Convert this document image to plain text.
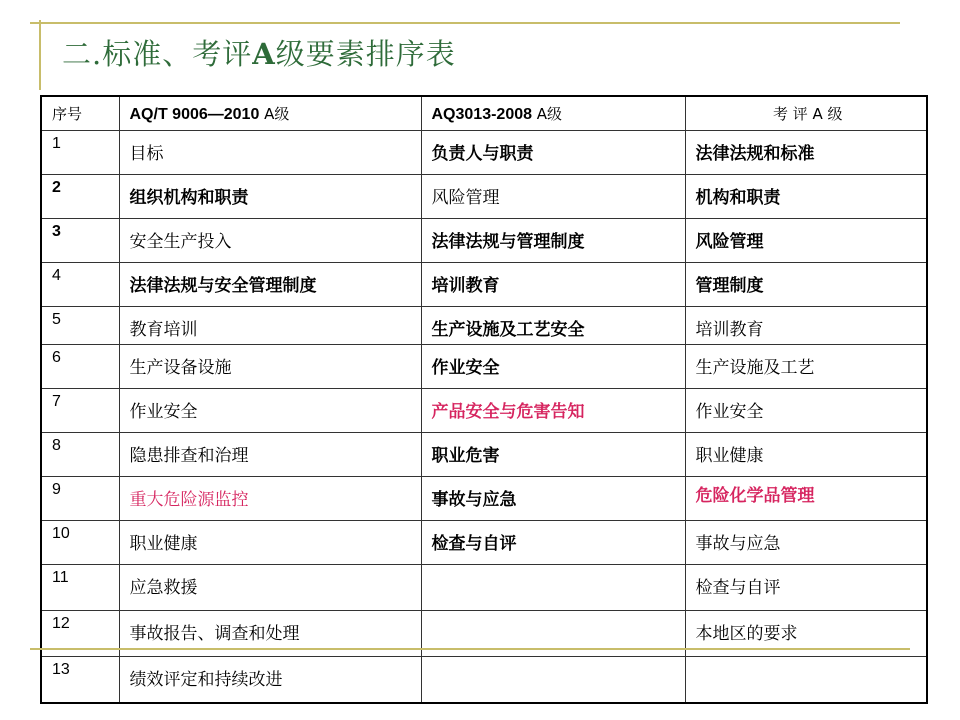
二.标准、考评A级要素排序表
序号	AQ/T 9006—2010 A级	AQ3013-2008 A级	考 评 A 级
1	目标	负责人与职责	法律法规和标准
2	组织机构和职责	风险管理	机构和职责
3	安全生产投入	法律法规与管理制度	风险管理
4	法律法规与安全管理制度	培训教育	管理制度
5	教育培训	生产设施及工艺安全	培训教育
6	生产设备设施	作业安全	生产设施及工艺
7	作业安全	产品安全与危害告知	作业安全
8	隐患排查和治理	职业危害	职业健康
9	重大危险源监控	事故与应急	危险化学品管理
10	职业健康	检查与自评	事故与应急
11	应急救援		检查与自评
12	事故报告、调查和处理		本地区的要求
13	绩效评定和持续改进		
